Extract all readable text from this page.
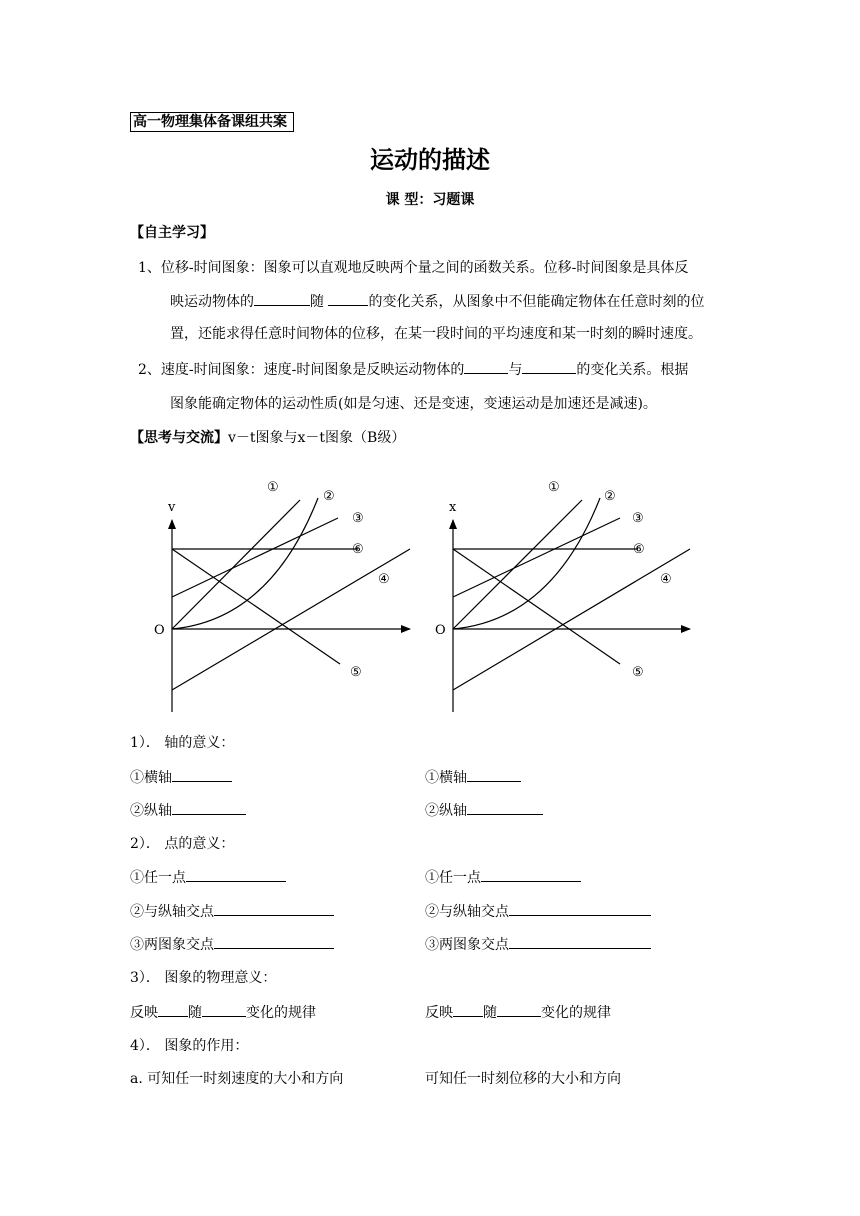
高一物理集体备课组共案
运动的描述
课 型：习题课
【自主学习】
1、位移-时间图象：图象可以直观地反映两个量之间的函数关系。位移-时间图象是具体反
映运动物体的	随	的变化关系，从图象中不但能确定物体在任意时刻的位
置，还能求得任意时间物体的位移，在某一段时间的平均速度和某一时刻的瞬时速度。
2、速度-时间图象：速度-时间图象是反映运动物体的	与	的变化关系。根据
图象能确定物体的运动性质(如是匀速、还是变速，变速运动是加速还是减速)。
【思考与交流】v－t图象与x－t图象（B级）
v
O
①
②
③
④
⑤
⑥
x
O
①
②
③
④
⑤
⑥
1）． 轴的意义：
①横轴	①横轴
②纵轴	②纵轴
2）． 点的意义：
①任一点	①任一点
②与纵轴交点	②与纵轴交点
③两图象交点	③两图象交点
3）． 图象的物理意义：
反映 随	变化的规律	反映 随	变化的规律
4）． 图象的作用：
a. 可知任一时刻速度的大小和方向	可知任一时刻位移的大小和方向
